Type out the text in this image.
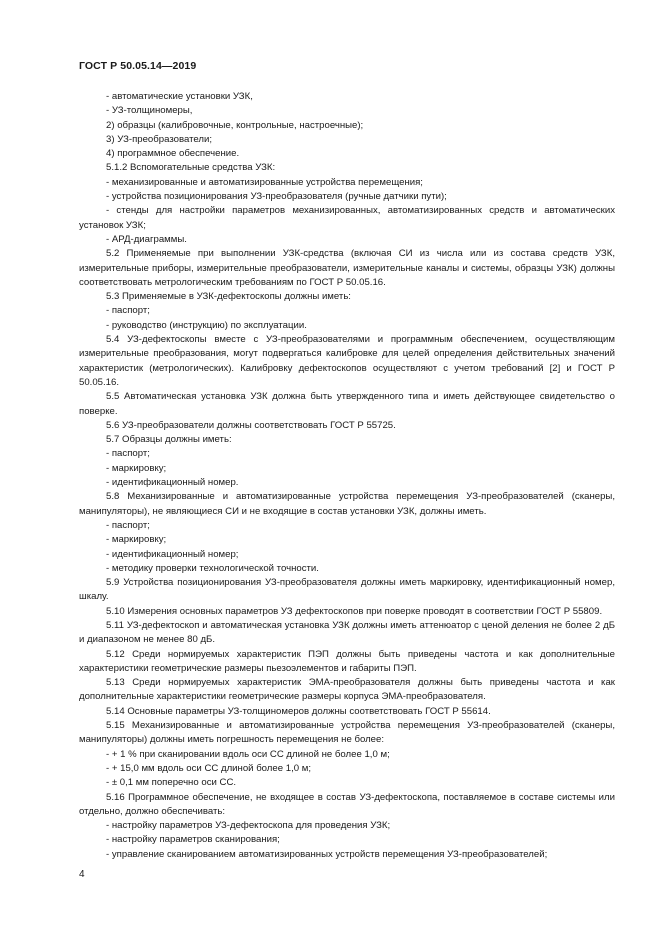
ГОСТ Р 50.05.14—2019
- автоматические установки УЗК,
- УЗ-толщиномеры,
2) образцы (калибровочные, контрольные, настроечные);
3) УЗ-преобразователи;
4) программное обеспечение.
5.1.2 Вспомогательные средства УЗК:
- механизированные и автоматизированные устройства перемещения;
- устройства позиционирования УЗ-преобразователя (ручные датчики пути);
- стенды для настройки параметров механизированных, автоматизированных средств и автоматических установок УЗК;
- АРД-диаграммы.
5.2 Применяемые при выполнении УЗК-средства (включая СИ из числа или из состава средств УЗК, измерительные приборы, измерительные преобразователи, измерительные каналы и системы, образцы УЗК) должны соответствовать метрологическим требованиям по ГОСТ Р 50.05.16.
5.3 Применяемые в УЗК-дефектоскопы должны иметь:
- паспорт;
- руководство (инструкцию) по эксплуатации.
5.4 УЗ-дефектоскопы вместе с УЗ-преобразователями и программным обеспечением, осуществляющим измерительные преобразования, могут подвергаться калибровке для целей определения действительных значений характеристик (метрологических). Калибровку дефектоскопов осуществляют с учетом требований [2] и ГОСТ Р 50.05.16.
5.5 Автоматическая установка УЗК должна быть утвержденного типа и иметь действующее свидетельство о поверке.
5.6 УЗ-преобразователи должны соответствовать ГОСТ Р 55725.
5.7 Образцы должны иметь:
- паспорт;
- маркировку;
- идентификационный номер.
5.8 Механизированные и автоматизированные устройства перемещения УЗ-преобразователей (сканеры, манипуляторы), не являющиеся СИ и не входящие в состав установки УЗК, должны иметь.
- паспорт;
- маркировку;
- идентификационный номер;
- методику проверки технологической точности.
5.9 Устройства позиционирования УЗ-преобразователя должны иметь маркировку, идентификационный номер, шкалу.
5.10 Измерения основных параметров УЗ дефектоскопов при поверке проводят в соответствии ГОСТ Р 55809.
5.11 УЗ-дефектоскоп и автоматическая установка УЗК должны иметь аттенюатор с ценой деления не более 2 дБ и диапазоном не менее 80 дБ.
5.12 Среди нормируемых характеристик ПЭП должны быть приведены частота и как дополнительные характеристики геометрические размеры пьезоэлементов и габариты ПЭП.
5.13 Среди нормируемых характеристик ЭМА-преобразователя должны быть приведены частота и как дополнительные характеристики геометрические размеры корпуса ЭМА-преобразователя.
5.14 Основные параметры УЗ-толщиномеров должны соответствовать ГОСТ Р 55614.
5.15 Механизированные и автоматизированные устройства перемещения УЗ-преобразователей (сканеры, манипуляторы) должны иметь погрешность перемещения не более:
- + 1 % при сканировании вдоль оси СС длиной не более 1,0 м;
- + 15,0 мм вдоль оси СС длиной более 1,0 м;
- ± 0,1 мм поперечно оси СС.
5.16 Программное обеспечение, не входящее в состав УЗ-дефектоскопа, поставляемое в составе системы или отдельно, должно обеспечивать:
- настройку параметров УЗ-дефектоскопа для проведения УЗК;
- настройку параметров сканирования;
- управление сканированием автоматизированных устройств перемещения УЗ-преобразователей;
4
